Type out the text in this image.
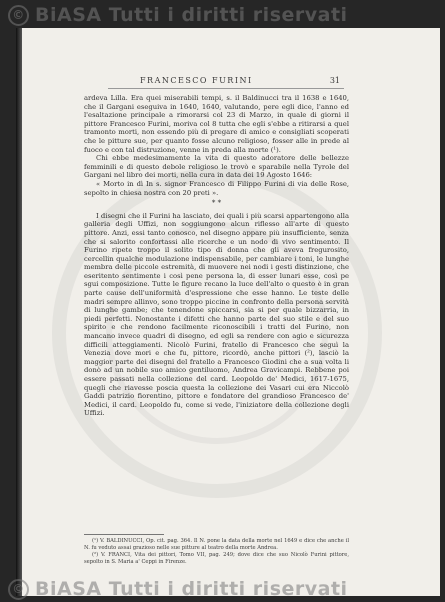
© BiASA Tutti i diritti riservati
FRANCESCO FURINI	31

ardeva Lilla. Era quei miserabili tempi, s. il Baldinucci tra il 1638 e 1640, che il Gargani eseguiva in 1640, 1640, valutando, pere egli dice, l'anno ed l'esaltazione principale a rimorarsi col 23 di Marzo, in quale di giorni il pittore Francesco Furini, moriva col 8 tutta che egli s'ebbe a ritirarsi a quel tramonto morti, non essendo più di pregare di amico e consigliati scoperati che le pitture sue, per quanto fosse alcuno religioso, fosser alle in prede al fuoco e con tal distruzione, venne in preda alla morte (¹).

Chi ebbe medesimamente la vita di questo adoratore delle bellezze femminili e di questo debole religioso le trovò e sparabile nella Tyrole del Gargani nel libro dei morti, nella cura in data dei 19 Agosto 1646:

« Morto in dì In s. signor Francesco di Filippo Furini di via delle Rose, sepolto in chiesa nostra con 20 preti ».

* *

I disegni che il Furini ha lasciato, dei quali i più scarsi appartengono alla galleria degli Uffizi, non soggiungono alcun riflesso all'arte di questo pittore. Anzi, essi tanto conosco, nel disegno appare più insufficiente, senza che si salorito confortassi alle ricerche e un nodo di vivo sentimento. Il Furino ripete troppo il solito tipo di donna che gli aveva fregurosito, cercellin qualche modulazione indispensabile, per cambiare i toni, le lunghe membra delle piccole estremità, di muovere nei nodi i gesti distinzione, che eseritento sentimente i così pene persona la, di esser lunari esse, così pe sgui composizione. Tutte le figure recano la luce dell'alto o questo è in gran parte cause dell'uniformità d'espressione che esse hanno. Le teste delle madri sempre allinvo, sono troppo piccine in confronto della persona servità di lunghe gambe; che tenendone spiccarsi, sia si per quale bizzarria, in piedi perfetti. Nonostante i difetti che hanno parte del suo stile e del suo spirito e che rendono facilmente riconoscibili i tratti del Furino, non mancano invece quadri di disegno, ed egli sa rendere con agio e sicurezza difficili atteggiamenti. Nicolò Furini, fratello di Francesco che seguì la Venezia dove mori e che fu, pittore, ricordò, anche pittori (²), lasciò la maggior parte dei disegni del fratello a Francesco Giodini che a sua volta li donò ad un nobile suo amico gentiluomo, Andrea Gravicampi. Rebbene poi essere passati nella collezione del card. Leopoldo de' Medici, 1617-1675, quegli che riavesse poscia questa la collezione dei Vasari cui era Niccolò Gaddi patrizio fiorentino, pittore e fondatore del grandioso Francesco de' Medici, il card. Leopoldo fu, come si vede, l'iniziatore della collezione degli Uffizi.

(¹) V. BALDINUCCI, Op. cit. pag. 364. Il N. pone la data della morte nel 1649 e dice che anche il N. fu veduto assai grazioso nelle sue pitture al teatro della morte Andrea.

(²) V. FRANCI, Vita dei pittori, Tomo VII, pag. 249; dove dice che suo Nicolò Furini pittore, sepolto in S. Maria a' Ceppi in Firenze.

© BiASA Tutti i diritti riservati
